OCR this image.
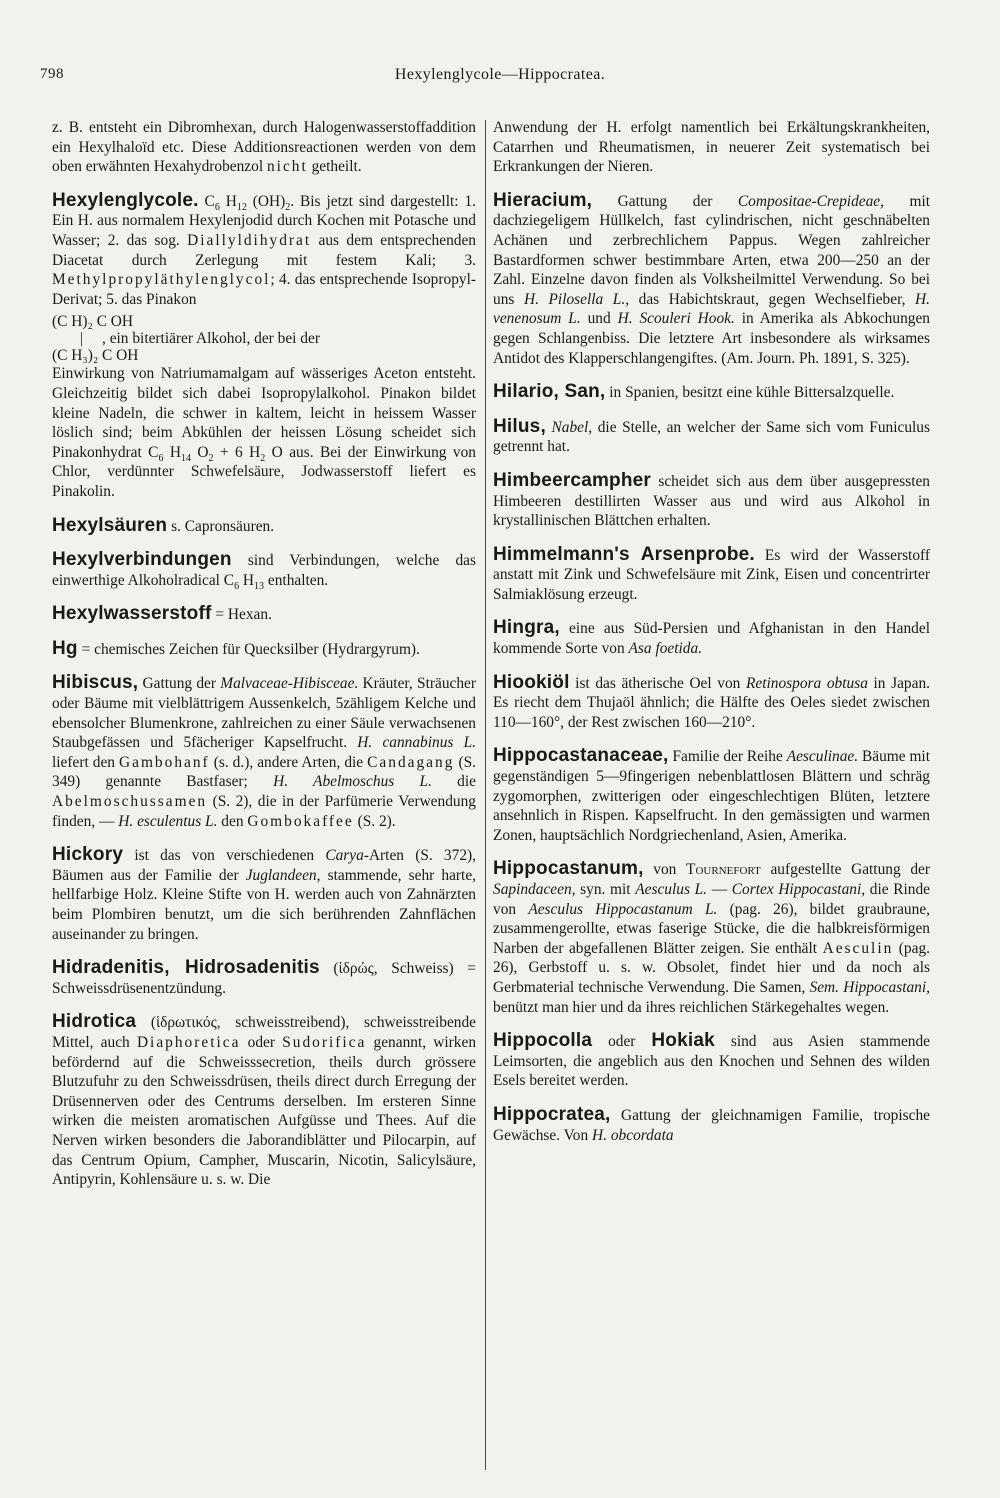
798	Hexylenglycole—Hippocratea.

z. B. entsteht ein Dibromhexan, durch Halogenwasserstoffaddition ein Hexylhaloïd etc. Diese Additionsreactionen werden von dem oben erwähnten Hexahydrobenzol nicht getheilt.

Hexylenglycole. $C_6$ $H_{12}$ $(OH)_2$. Bis jetzt sind dargestellt: 1. Ein H. aus normalem Hexylenjodid durch Kochen mit Potasche und Wasser; 2. das sog. Diallyldihydrat aus dem entsprechenden Diacetat durch Zerlegung mit festem Kali; 3. Methylpropyläthylenglycol; 4. das entsprechende Isopropyl-Derivat; 5. das Pinakon

(C H)₂ C OH
| , ein bitertiärer Alkohol, der bei der
(C H₃)₂ C OH

Einwirkung von Natriumamalgam auf wässeriges Aceton entsteht. Gleichzeitig bildet sich dabei Isopropylalkohol. Pinakon bildet kleine Nadeln, die schwer in kaltem, leicht in heissem Wasser löslich sind; beim Abkühlen der heissen Lösung scheidet sich Pinakonhydrat $C_6$ $H_{14}$ $O_2 + 6$ $H_2$ O aus. Bei der Einwirkung von Chlor, verdünnter Schwefelsäure, Jodwasserstoff liefert es Pinakolin.

Hexylsäuren s. Capronsäuren.

Hexylverbindungen sind Verbindungen, welche das einwerthige Alkoholradical $C_6$ $H_{13}$ enthalten.

Hexylwasserstoff = Hexan.

Hg = chemisches Zeichen für Quecksilber (Hydrargyrum).

Hibiscus, Gattung der Malvaceae-Hibisceae. Kräuter, Sträucher oder Bäume mit vielblättrigem Aussenkelch, 5zähligem Kelche und ebensolcher Blumenkrone, zahlreichen zu einer Säule verwachsenen Staubgefässen und 5fächeriger Kapselfrucht. H. cannabinus L. liefert den Gambohanf (s. d.), andere Arten, die Candagang (S. 349) genannte Bastfaser; H. Abelmoschus L. die Abelmoschussamen (S. 2), die in der Parfümerie Verwendung finden, — H. esculentus L. den Gombokaffee (S. 2).

Hickory ist das von verschiedenen Carya-Arten (S. 372), Bäumen aus der Familie der Juglandeen, stammende, sehr harte, hellfarbige Holz. Kleine Stifte von H. werden auch von Zahnärzten beim Plombiren benutzt, um die sich berührenden Zahnflächen auseinander zu bringen.

Hidradenitis, Hidrosadenitis (ἱδρώς, Schweiss) = Schweissdrüsenentzündung.

Hidrotica (ἱδρωτικός, schweisstreibend), schweisstreibende Mittel, auch Diaphoretica oder Sudorifica genannt, wirken befördernd auf die Schweisssecretion, theils durch grössere Blutzufuhr zu den Schweissdrüsen, theils direct durch Erregung der Drüsennerven oder des Centrums derselben. Im ersteren Sinne wirken die meisten aromatischen Aufgüsse und Thees. Auf die Nerven wirken besonders die Jaborandiblätter und Pilocarpin, auf das Centrum Opium, Campher, Muscarin, Nicotin, Salicylsäure, Antipyrin, Kohlensäure u. s. w. Die

Anwendung der H. erfolgt namentlich bei Erkältungskrankheiten, Catarrhen und Rheumatismen, in neuerer Zeit systematisch bei Erkrankungen der Nieren.

Hieracium, Gattung der Compositae-Crepideae, mit dachziegeligem Hüllkelch, fast cylindrischen, nicht geschnäbelten Achänen und zerbrechlichem Pappus. Wegen zahlreicher Bastardformen schwer bestimmbare Arten, etwa 200—250 an der Zahl. Einzelne davon finden als Volksheilmittel Verwendung. So bei uns H. Pilosella L., das Habichtskraut, gegen Wechselfieber, H. venenosum L. und H. Scouleri Hook. in Amerika als Abkochungen gegen Schlangenbiss. Die letztere Art insbesondere als wirksames Antidot des Klapperschlangengiftes. (Am. Journ. Ph. 1891, S. 325).

Hilario, San, in Spanien, besitzt eine kühle Bittersalzquelle.

Hilus, Nabel, die Stelle, an welcher der Same sich vom Funiculus getrennt hat.

Himbeercampher scheidet sich aus dem über ausgepressten Himbeeren destillirten Wasser aus und wird aus Alkohol in krystallinischen Blättchen erhalten.

Himmelmann's Arsenprobe. Es wird der Wasserstoff anstatt mit Zink und Schwefelsäure mit Zink, Eisen und concentrirter Salmiaklösung erzeugt.

Hingra, eine aus Süd-Persien und Afghanistan in den Handel kommende Sorte von Asa foetida.

Hiookiöl ist das ätherische Oel von Retinospora obtusa in Japan. Es riecht dem Thujaöl ähnlich; die Hälfte des Oeles siedet zwischen 110—160°, der Rest zwischen 160—210°.

Hippocastanaceae, Familie der Reihe Aesculinae. Bäume mit gegenständigen 5—9fingerigen nebenblattlosen Blättern und schräg zygomorphen, zwitterigen oder eingeschlechtigen Blüten, letztere ansehnlich in Rispen. Kapselfrucht. In den gemässigten und warmen Zonen, hauptsächlich Nordgriechenland, Asien, Amerika.

Hippocastanum, von Tournefort aufgestellte Gattung der Sapindaceen, syn. mit Aesculus L. — Cortex Hippocastani, die Rinde von Aesculus Hippocastanum L. (pag. 26), bildet graubraune, zusammengerollte, etwas faserige Stücke, die die halbkreisförmigen Narben der abgefallenen Blätter zeigen. Sie enthält Aesculin (pag. 26), Gerbstoff u. s. w. Obsolet, findet hier und da noch als Gerbmaterial technische Verwendung. Die Samen, Sem. Hippocastani, benützt man hier und da ihres reichlichen Stärkegehaltes wegen.

Hippocolla oder Hokiak sind aus Asien stammende Leimsorten, die angeblich aus den Knochen und Sehnen des wilden Esels bereitet werden.

Hippocratea, Gattung der gleichnamigen Familie, tropische Gewächse. Von H. obcordata
